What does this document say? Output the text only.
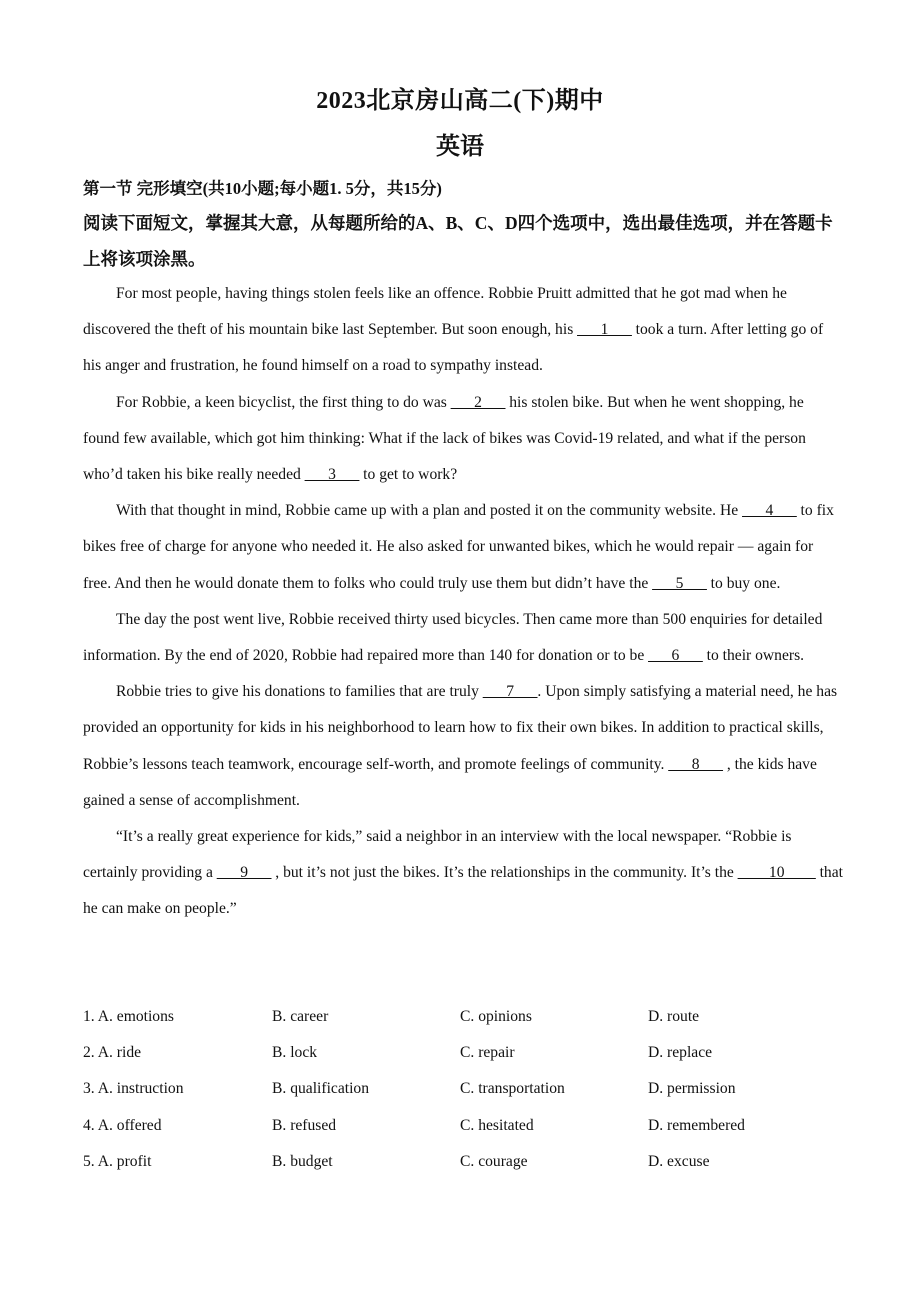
2023北京房山高二(下)期中
英语
第一节 完形填空(共10小题;每小题1. 5分，共15分)
阅读下面短文，掌握其大意，从每题所给的A、B、C、D四个选项中，选出最佳选项，并在答题卡上将该项涂黑。

For most people, having things stolen feels like an offence. Robbie Pruitt admitted that he got mad when he discovered the theft of his mountain bike last September. But soon enough, his ___1___ took a turn. After letting go of his anger and frustration, he found himself on a road to sympathy instead.

For Robbie, a keen bicyclist, the first thing to do was ___2___ his stolen bike. But when he went shopping, he found few available, which got him thinking: What if the lack of bikes was Covid-19 related, and what if the person who’d taken his bike really needed ___3___ to get to work?

With that thought in mind, Robbie came up with a plan and posted it on the community website. He ___4___ to fix bikes free of charge for anyone who needed it. He also asked for unwanted bikes, which he would repair — again for free. And then he would donate them to folks who could truly use them but didn’t have the ___5___ to buy one.

The day the post went live, Robbie received thirty used bicycles. Then came more than 500 enquiries for detailed information. By the end of 2020, Robbie had repaired more than 140 for donation or to be ___6___ to their owners.

Robbie tries to give his donations to families that are truly ___7___. Upon simply satisfying a material need, he has provided an opportunity for kids in his neighborhood to learn how to fix their own bikes. In addition to practical skills, Robbie’s lessons teach teamwork, encourage self-worth, and promote feelings of community. ___8___ , the kids have gained a sense of accomplishment.

“It’s a really great experience for kids,” said a neighbor in an interview with the local newspaper. “Robbie is certainly providing a ___9___ , but it’s not just the bikes. It’s the relationships in the community. It’s the ____10____ that he can make on people.”

1. A. emotions	B. career	C. opinions	D. route
2. A. ride	B. lock	C. repair	D. replace
3. A. instruction	B. qualification	C. transportation	D. permission
4. A. offered	B. refused	C. hesitated	D. remembered
5. A. profit	B. budget	C. courage	D. excuse
